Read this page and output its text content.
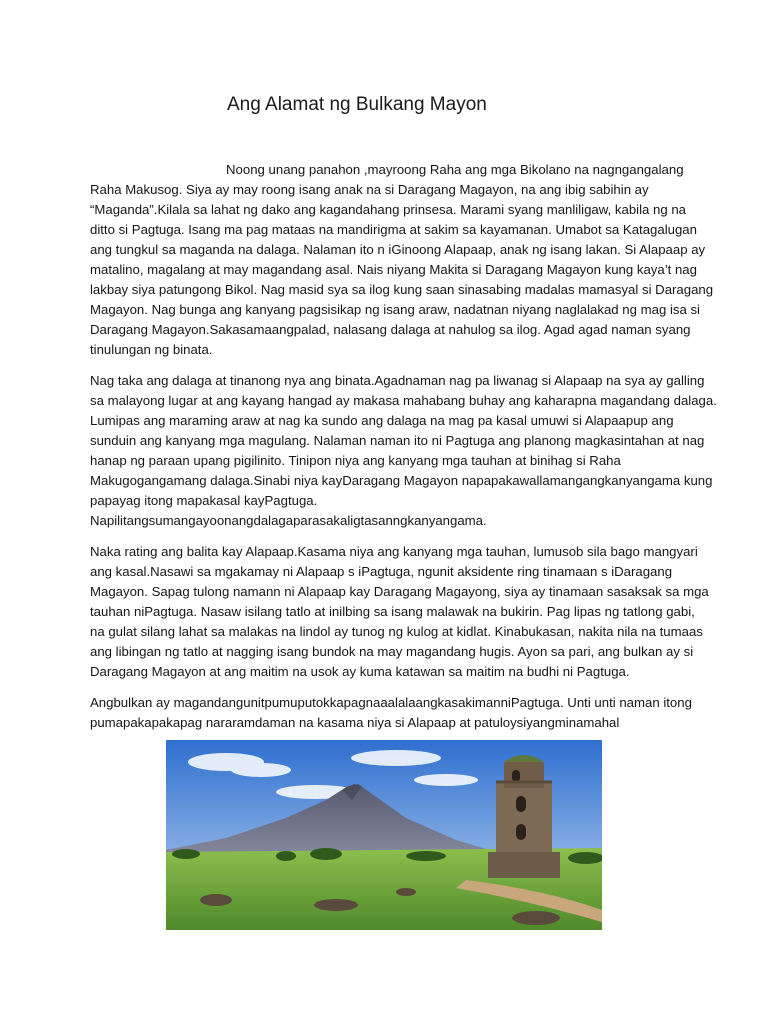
Ang Alamat ng Bulkang Mayon

Noong unang panahon ,mayroong Raha ang mga Bikolano na nagngangalang
Raha Makusog. Siya ay may roong isang anak na si Daragang Magayon, na ang ibig sabihin ay
“Maganda”.Kilala sa lahat ng dako ang kagandahang prinsesa. Marami syang manliligaw, kabila ng na
ditto si Pagtuga. Isang ma pag mataas na mandirigma at sakim sa kayamanan. Umabot sa Katagalugan
ang tungkul sa maganda na dalaga. Nalaman ito n iGinoong Alapaap, anak ng isang lakan. Si Alapaap ay
matalino, magalang at may magandang asal. Nais niyang Makita si Daragang Magayon kung kaya’t nag
lakbay siya patungong Bikol. Nag masid sya sa ilog kung saan sinasabing madalas mamasyal si Daragang
Magayon. Nag bunga ang kanyang pagsisikap ng isang araw, nadatnan niyang naglalakad ng mag isa si
Daragang Magayon.Sakasamaangpalad, nalasang dalaga at nahulog sa ilog. Agad agad naman syang
tinulungan ng binata.

Nag taka ang dalaga at tinanong nya ang binata.Agadnaman nag pa liwanag si Alapaap na sya ay galling
sa malayong lugar at ang kayang hangad ay makasa mahabang buhay ang kaharapna magandang dalaga.
Lumipas ang maraming araw at nag ka sundo ang dalaga na mag pa kasal umuwi si Alapaapup ang
sunduin ang kanyang mga magulang. Nalaman naman ito ni Pagtuga ang planong magkasintahan at nag
hanap ng paraan upang pigilinito. Tinipon niya ang kanyang mga tauhan at binihag si Raha
Makugogangamang dalaga.Sinabi niya kayDaragang Magayon napapakawallamangangkanyangama kung
papayag itong mapakasal kayPagtuga.
Napilitangsumangayoonangdalagaparasakaligtasanngkanyangama.

Naka rating ang balita kay Alapaap.Kasama niya ang kanyang mga tauhan, lumusob sila bago mangyari
ang kasal.Nasawi sa mgakamay ni Alapaap s iPagtuga, ngunit aksidente ring tinamaan s iDaragang
Magayon. Sapag tulong namann ni Alapaap kay Daragang Magayong, siya ay tinamaan sasaksak sa mga
tauhan niPagtuga. Nasaw isilang tatlo at inilbing sa isang malawak na bukirin. Pag lipas ng tatlong gabi,
na gulat silang lahat sa malakas na lindol ay tunog ng kulog at kidlat. Kinabukasan, nakita nila na tumaas
ang libingan ng tatlo at nagging isang bundok na may magandang hugis. Ayon sa pari, ang bulkan ay si
Daragang Magayon at ang maitim na usok ay kuma katawan sa maitim na budhi ni Pagtuga.

Angbulkan ay magandangunitpumuputokkapagnaaalalaangkasakimanniPagtuga. Unti unti naman itong
pumapakapakapag nararamdaman na kasama niya si Alapaap at patuloysiyangminamahal
